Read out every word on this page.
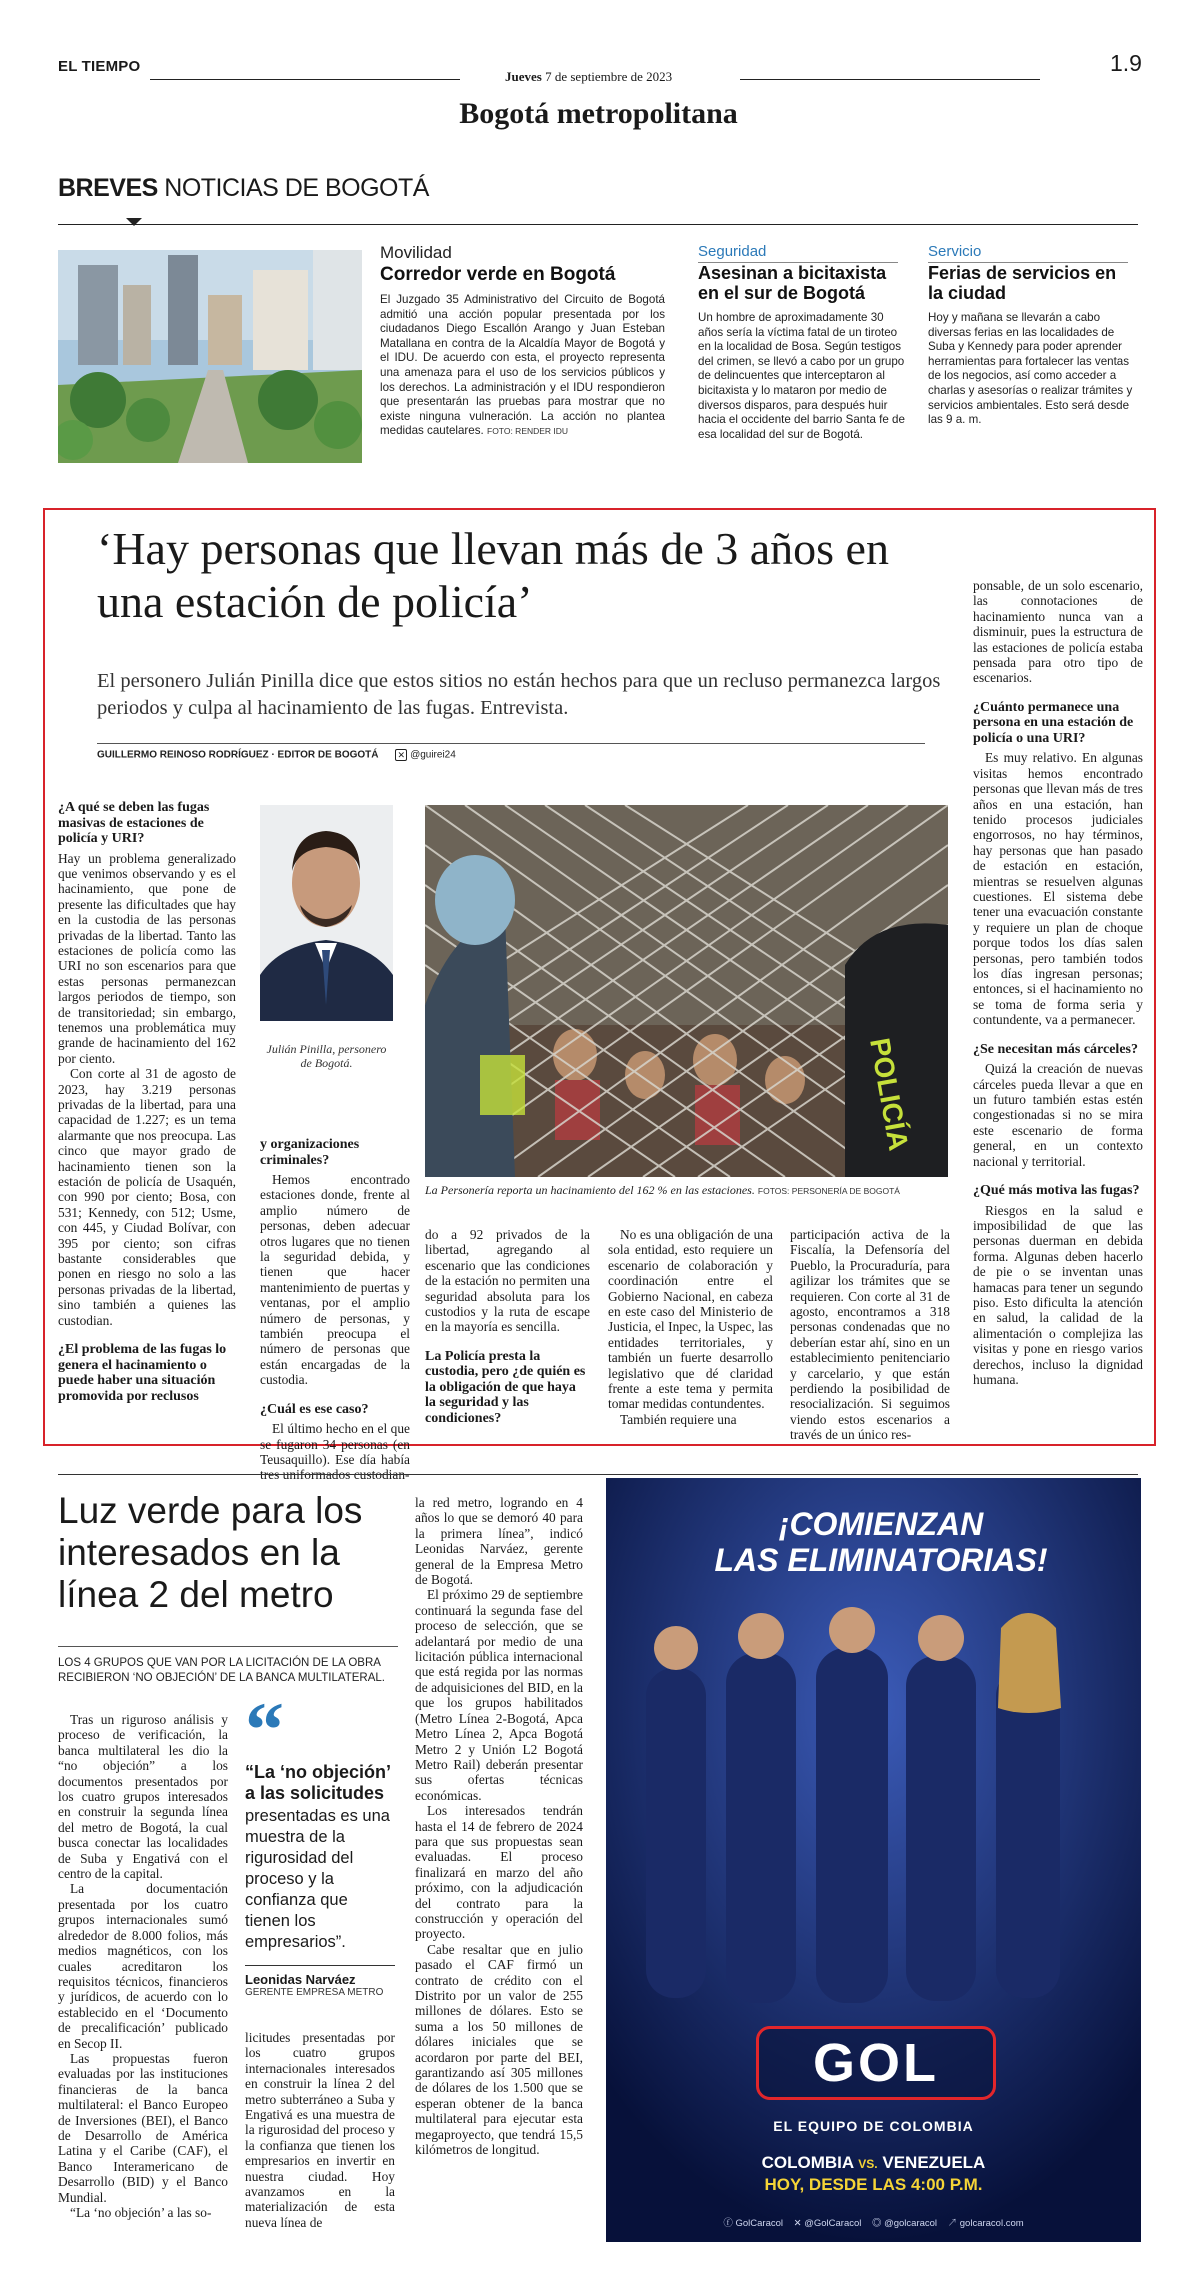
EL TIEMPO
Jueves 7 de septiembre de 2023
1.9
Bogotá metropolitana
BREVES NOTICIAS DE BOGOTÁ
Movilidad
Corredor verde en Bogotá
El Juzgado 35 Administrativo del Circuito de Bogotá admitió una acción popular presentada por los ciudadanos Diego Escallón Arango y Juan Esteban Matallana en contra de la Alcaldía Mayor de Bogotá y el IDU. De acuerdo con esta, el proyecto representa una amenaza para el uso de los servicios públicos y los derechos. La administración y el IDU respondieron que presentarán las pruebas para mostrar que no existe ninguna vulneración. La acción no plantea medidas cautelares. FOTO: RENDER IDU
Seguridad
Asesinan a bicitaxista en el sur de Bogotá
Un hombre de aproximadamente 30 años sería la víctima fatal de un tiroteo en la localidad de Bosa. Según testigos del crimen, se llevó a cabo por un grupo de delincuentes que interceptaron al bicitaxista y lo mataron por medio de diversos disparos, para después huir hacia el occidente del barrio Santa fe de esa localidad del sur de Bogotá.
Servicio
Ferias de servicios en la ciudad
Hoy y mañana se llevarán a cabo diversas ferias en las localidades de Suba y Kennedy para poder aprender herramientas para fortalecer las ventas de los negocios, así como acceder a charlas y asesorías o realizar trámites y servicios ambientales. Esto será desde las 9 a. m.
‘Hay personas que llevan más de 3 años en una estación de policía’
El personero Julián Pinilla dice que estos sitios no están hechos para que un recluso permanezca largos periodos y culpa al hacinamiento de las fugas. Entrevista.
GUILLERMO REINOSO RODRÍGUEZ · EDITOR DE BOGOTÁ ✕ @guirei24
¿A qué se deben las fugas masivas de estaciones de policía y URI?

Hay un problema generalizado que venimos observando y es el hacinamiento, que pone de presente las dificultades que hay en la custodia de las personas privadas de la libertad. Tanto las estaciones de policía como las URI no son escenarios para que estas personas permanezcan largos periodos de tiempo, son de transitoriedad; sin embargo, tenemos una problemática muy grande de hacinamiento del 162 por ciento.

Con corte al 31 de agosto de 2023, hay 3.219 personas privadas de la libertad, para una capacidad de 1.227; es un tema alarmante que nos preocupa. Las cinco que mayor grado de hacinamiento tienen son la estación de policía de Usaquén, con 990 por ciento; Bosa, con 531; Kennedy, con 512; Usme, con 445, y Ciudad Bolívar, con 395 por ciento; son cifras bastante considerables que ponen en riesgo no solo a las personas privadas de la libertad, sino también a quienes las custodian.

¿El problema de las fugas lo genera el hacinamiento o puede haber una situación promovida por reclusos
Julián Pinilla, personero de Bogotá.
y organizaciones criminales?

Hemos encontrado estaciones donde, frente al amplio número de personas, deben adecuar otros lugares que no tienen la seguridad debida, y tienen que hacer mantenimiento de puertas y ventanas, por el amplio número de personas, y también preocupa el número de personas que están encargadas de la custodia.

¿Cuál es ese caso?

El último hecho en el que se fugaron 34 personas (en Teusaquillo). Ese día había

POLICÍA
La Personería reporta un hacinamiento del 162 % en las estaciones. FOTOS: PERSONERÍA DE BOGOTÁ

do a 92 privados de la libertad, agregando al escenario que las condiciones de la estación no permiten una seguridad absoluta para los custodios y la ruta de escape en la mayoría es sencilla.

La Policía presta la custodia, pero ¿de quién es la obligación de que haya la seguridad y las condiciones?

No es una obligación de una sola entidad, esto requiere un escenario de colaboración y coordinación entre el Gobierno Nacional, en cabeza en este caso del Ministerio de Justicia, el Inpec, la Uspec, las entidades territoriales, y también un fuerte desarrollo legislativo que dé claridad frente a este tema y permita tomar medidas contundentes.

También requiere una

participación activa de la Fiscalía, la Defensoría del Pueblo, la Procuraduría, para agilizar los trámites que se requieren. Con corte al 31 de agosto, encontramos a 318 personas condenadas que no deberían estar ahí, sino en un establecimiento penitenciario y carcelario, y que están perdiendo la posibilidad de resocialización. Si seguimos viendo estos escenarios a través de un único res-

ponsable, de un solo escenario, las connotaciones de hacinamiento nunca van a disminuir, pues la estructura de las estaciones de policía estaba pensada para otro tipo de escenarios.

¿Cuánto permanece una persona en una estación de policía o una URI?

Es muy relativo. En algunas visitas hemos encontrado personas que llevan más de tres años en una estación, han tenido procesos judiciales engorrosos, no hay términos, hay personas que han pasado de estación en estación, mientras se resuelven algunas cuestiones. El sistema debe tener una evacuación constante y requiere un plan de choque porque todos los días salen personas, pero también todos los días ingresan personas; entonces, si el hacinamiento no se toma de forma seria y contundente, va a permanecer.

¿Se necesitan más cárceles?

Quizá la creación de nuevas cárceles pueda llevar a que en un futuro también estas estén congestionadas si no se mira este escenario de forma general, en un contexto nacional y territorial.

¿Qué más motiva las fugas?

Riesgos en la salud e imposibilidad de que las personas duerman en debida forma. Algunas deben hacerlo de pie o se inventan unas hamacas para tener un segundo piso. Esto dificulta la atención en salud, la calidad de la alimentación o complejiza las visitas y pone en riesgo varios derechos, incluso la dignidad humana.

Luz verde para los interesados en la línea 2 del metro
LOS 4 GRUPOS QUE VAN POR LA LICITACIÓN DE LA OBRA RECIBIERON ‘NO OBJECIÓN’ DE LA BANCA MULTILATERAL.

Tras un riguroso análisis y proceso de verificación, la banca multilateral les dio la “no objeción” a los documentos presentados por los cuatro grupos interesados en construir la segunda línea del metro de Bogotá, la cual busca conectar las localidades de Suba y Engativá con el centro de la capital.

La documentación presentada por los cuatro grupos internacionales sumó alrededor de 8.000 folios, más medios magnéticos, con los cuales acreditaron los requisitos técnicos, financieros y jurídicos, de acuerdo con lo establecido en el ‘Documento de precalificación’ publicado en Secop II.

Las propuestas fueron evaluadas por las instituciones financieras de la banca multilateral: el Banco Europeo de Inversiones (BEI), el Banco de Desarrollo de América Latina y el Caribe (CAF), el Banco Interamericano de Desarrollo (BID) y el Banco Mundial.

“La ‘no objeción’ a las so-

“
“La ‘no objeción’ a las solicitudes
presentadas es una muestra de la rigurosidad del proceso y la confianza que tienen los empresarios”.
Leonidas Narváez
GERENTE EMPRESA METRO

licitudes presentadas por los cuatro grupos internacionales interesados en construir la línea 2 del metro subterráneo a Suba y Engativá es una muestra de la rigurosidad del proceso y la confianza que tienen los empresarios en invertir en nuestra ciudad. Hoy avanzamos en la materialización de esta nueva línea de

la red metro, logrando en 4 años lo que se demoró 40 para la primera línea”, indicó Leonidas Narváez, gerente general de la Empresa Metro de Bogotá.

El próximo 29 de septiembre continuará la segunda fase del proceso de selección, que se adelantará por medio de una licitación pública internacional que está regida por las normas de adquisiciones del BID, en la que los grupos habilitados (Metro Línea 2-Bogotá, Apca Metro Línea 2, Apca Bogotá Metro 2 y Unión L2 Bogotá Metro Rail) deberán presentar sus ofertas técnicas económicas.

Los interesados tendrán hasta el 14 de febrero de 2024 para que sus propuestas sean evaluadas. El proceso finalizará en marzo del año próximo, con la adjudicación del contrato para la construcción y operación del proyecto.

Cabe resaltar que en julio pasado el CAF firmó un contrato de crédito con el Distrito por un valor de 255 millones de dólares. Esto se suma a los 50 millones de dólares iniciales que se acordaron por parte del BEI, garantizando así 305 millones de dólares de los 1.500 que se esperan obtener de la banca multilateral para ejecutar esta megaproyecto, que tendrá 15,5 kilómetros de longitud.

¡COMIENZAN
LAS ELIMINATORIAS!
GOL
EL EQUIPO DE COLOMBIA
COLOMBIA VS. VENEZUELA
HOY, DESDE LAS 4:00 P.M.
ⓕ GolCaracol ✕ @GolCaracol ◎ @golcaracol ↗ golcaracol.com
